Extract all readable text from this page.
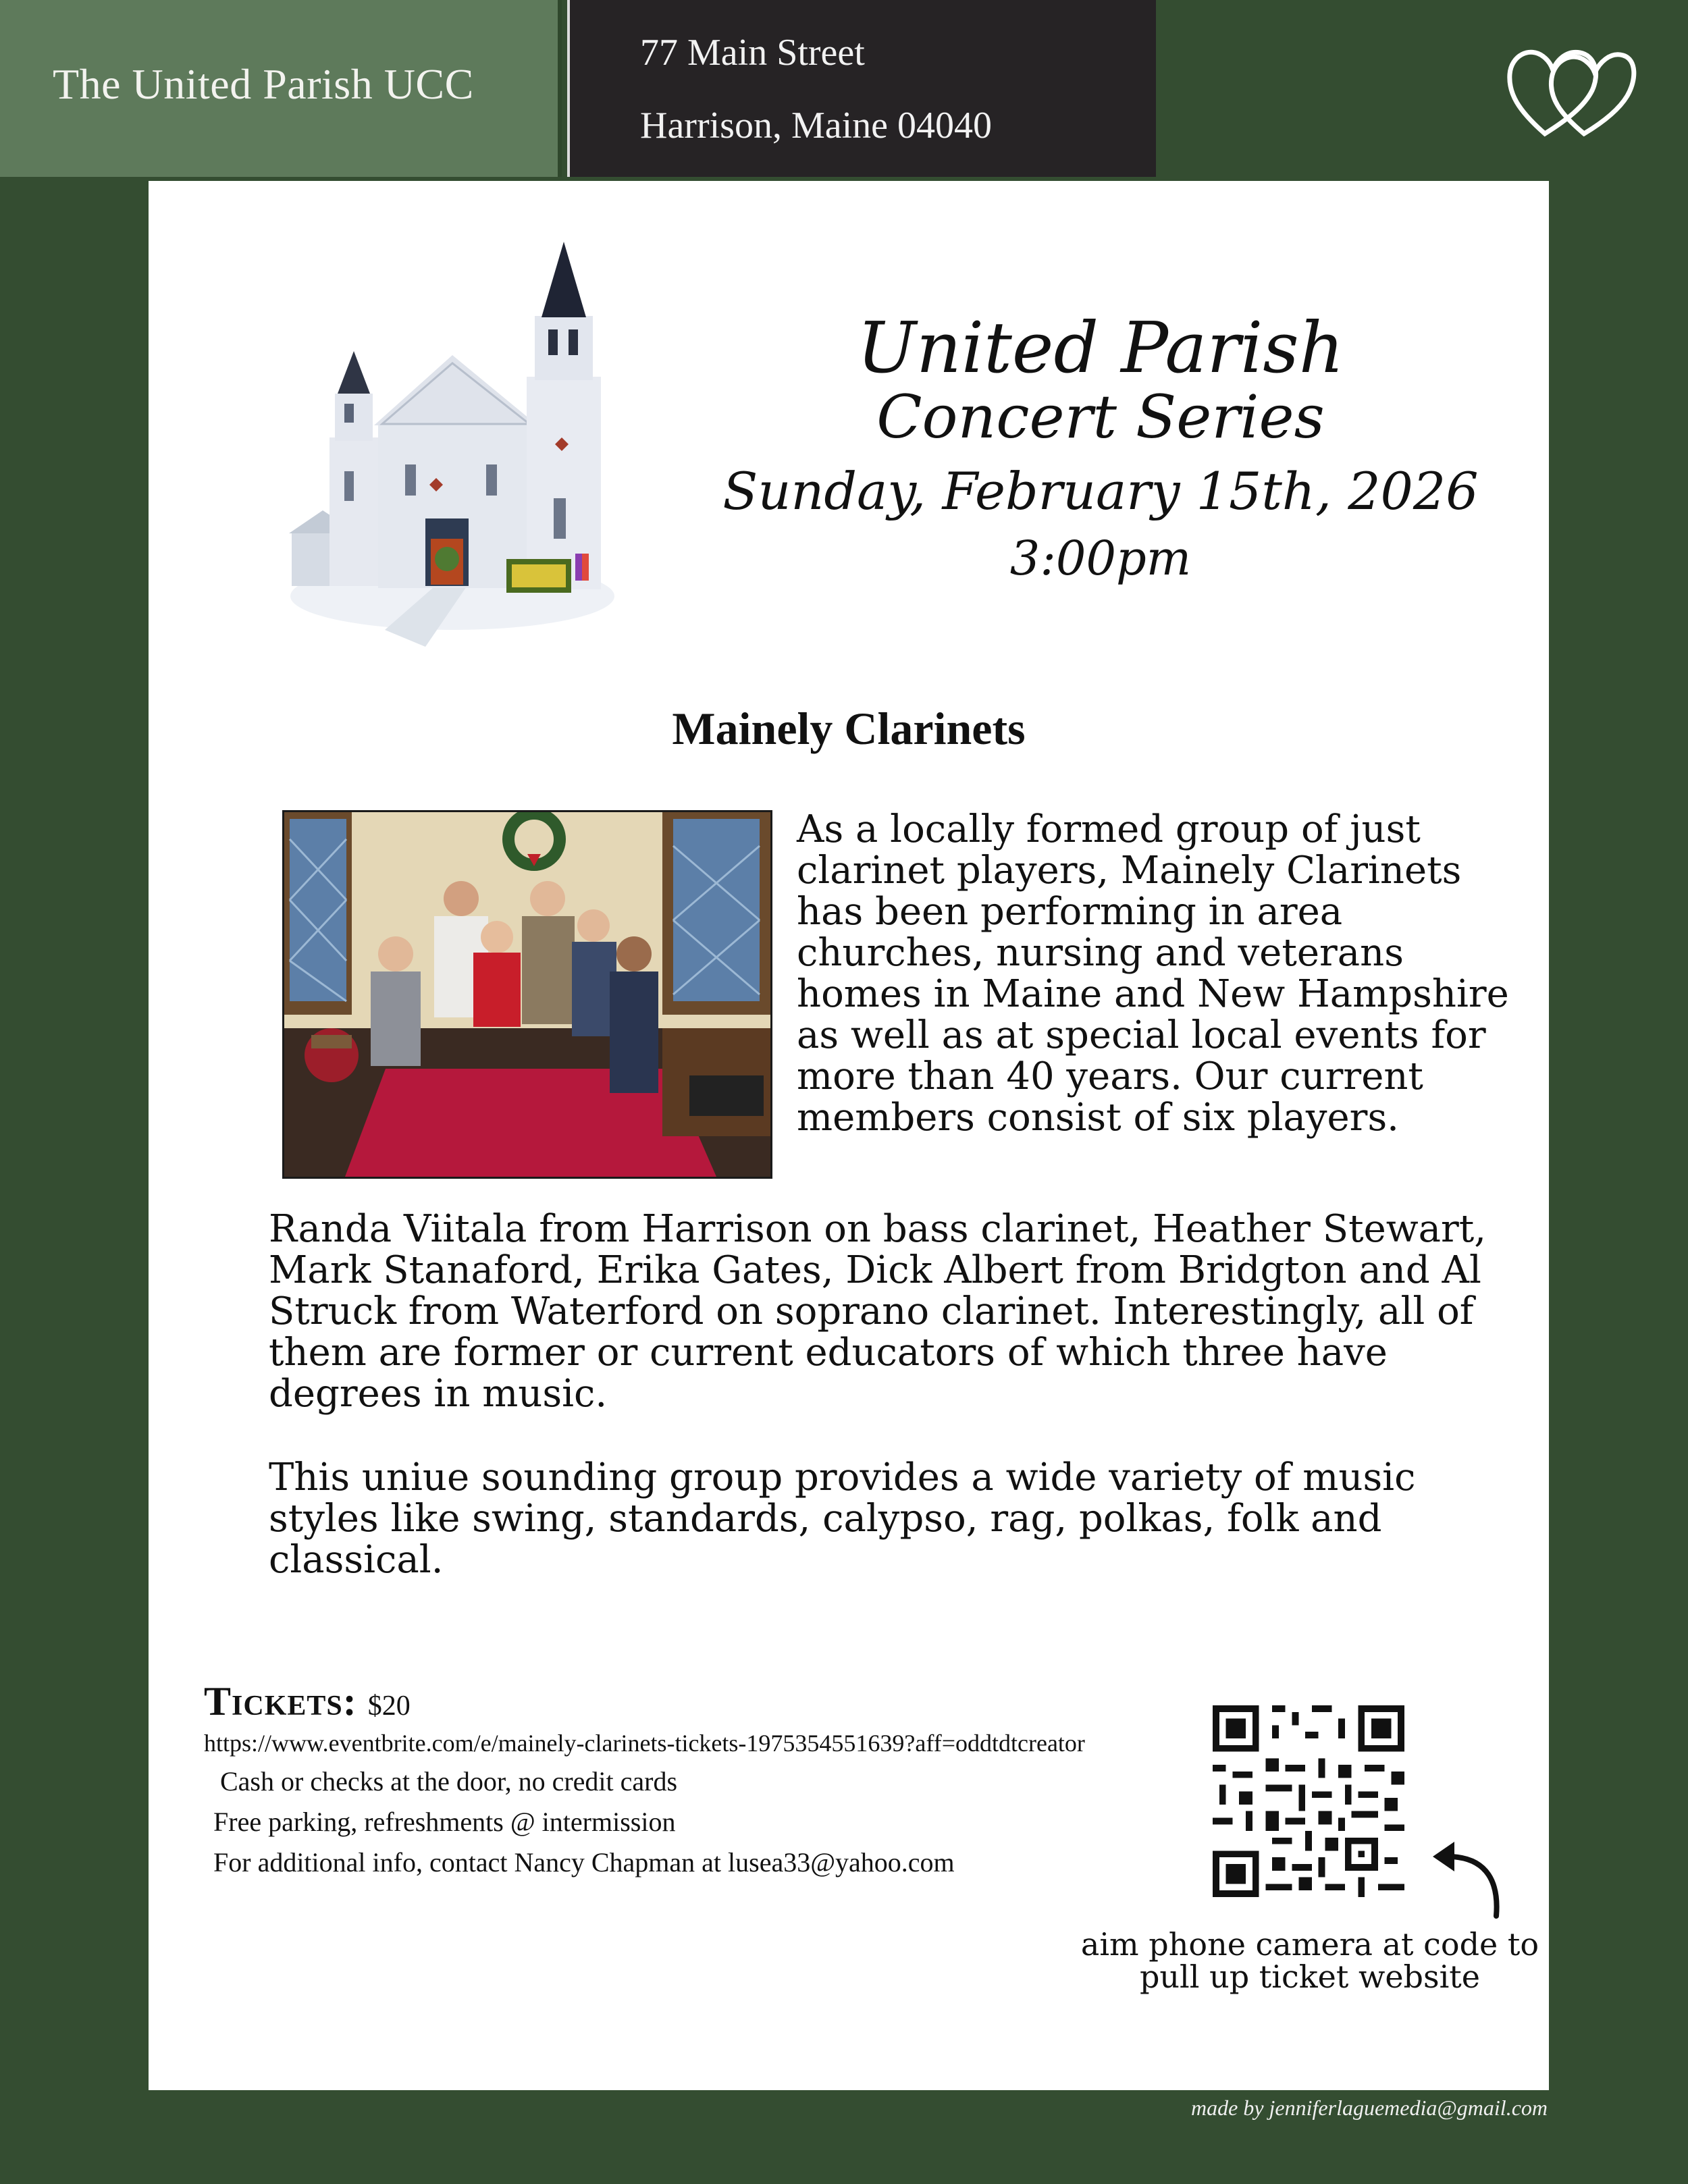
The United Parish UCC
77 Main Street
Harrison, Maine 04040
United Parish
Concert Series
Sunday, February 15th, 2026
3:00pm
Mainely Clarinets
As a locally formed group of just clarinet players, Mainely Clarinets has been performing in area churches, nursing and veterans homes in Maine and New Hampshire as well as at special local events for more than 40 years. Our current members consist of six players.
Randa Viitala from Harrison on bass clarinet, Heather Stewart, Mark Stanaford, Erika Gates, Dick Albert from Bridgton and Al Struck from Waterford on soprano clarinet. Interestingly, all of them are former or current educators of which three have degrees in music.
This uniue sounding group provides a wide variety of music styles like swing, standards, calypso, rag, polkas, folk and classical.
Tickets: $20
https://www.eventbrite.com/e/mainely-clarinets-tickets-1975354551639?aff=oddtdtcreator
Cash or checks at the door, no credit cards
Free parking, refreshments @ intermission
For additional info, contact Nancy Chapman at lusea33@yahoo.com
aim phone camera at code to pull up ticket website
made by jenniferlaguemedia@gmail.com
